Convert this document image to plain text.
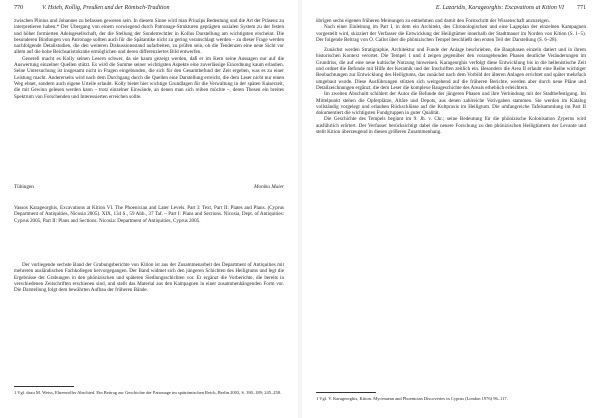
770	V. Hsieh, Kollig, Preußen und der Römisch-Tradition

zwischen Plinius und Johannes zu befassen gewesen sein. In diesem Sinne wird man Prinzips Bedeutung und die Art der Präsenz zu interpretieren haben.* Der Übergang von einem vorwiegend durch Patronage-Strukturen geprägten sozialen System zu der festen und höher formierten Adelsgesellschaft, der die Stellung der Sonderrechtler in Kollus Darstellung am wichtigsten erscheint. Die besonderen Bindungen von Patronage sollten auch für die Spätantike nicht zu gering veranschlagt werden – zu dieser Frage werden nachfolgende Detailstudien, die den weiteren Diskussionsstand aufarbeiten, zu prüfen sein, ob die Tendenzen eine neue Sicht vor allem auf die hohe Reichsaristokratie ermöglichen und deren differenziertes Bild entwerfen.

Generell macht es Kolly seinen Lesern schwer, da sie kaum gezeigt werden, daß er im Kern seine Aussagen nur auf die Auswertung einzelner Quellen stützt. Es wird die Summe seiner wichtigsten Aspekte eine zuverlässige Einordnung kaum erlauben. Seine Untersuchung ist insgesamt nicht in Fragen eingebunden, die sich für den Gesamtbefund der Zeit ergeben, was es zu einer Leistung macht. Andererseits wird nach dem Durchgang durch die Quellen eine Darstellung erreicht, die dem Leser nicht nur einen Weg ebnet, sondern auch eigene Urteile erlaubt. Kolly bietet hier wichtige Grundlagen für die Verwaltung in der späten Kaiserzeit, die mit Gewinn gelesen werden kann – trotz einzelner Einwände, an denen man sich reiben möchte –, deren Thesen ein breites Spektrum von Forschenden und Interessierten erreichen sollte.

Tübingen	Monika Maier

Vassos Karageorghis, Excavations at Kition VI. The Phoenician and Later Levels. Part I: Text, Part II: Plates and Plans. (Cyprus Department of Antiquities, Nicosia 2005). XIX, 134 S., 59 Abb., 37 Taf. – Part I: Plans and Sections. Nicosia, Dept. of Antiquities: Cyprus 2005, Part II: Plans and Sections. Nicosia: Department of Antiquities, Cyprus 2005.

Der vorliegende sechste Band der Grabungsberichte von Kition ist aus der Zusammenarbeit des Department of Antiquities mit mehreren ausländischen Fachkollegen hervorgegangen. Der Band widmet sich den jüngeren Schichten des Heiligtums und legt die Ergebnisse der Grabungen in den phönizischen und späteren Siedlungsschichten vor. Er ergänzt die Vorberichte, die bereits in verschiedenen Zeitschriften erschienen sind, und stellt das Material aus den Kampagnen in einer zusammenhängenden Form vor. Die Darstellung folgt dem bewährten Aufbau der früheren Bände.

1 Vgl. dazu M. Weiss, Ehrenvoller Abschied. Ein Beitrag zur Geschichte der Patronage im spätrömischen Reich, Berlin 2003, S. 180–189; 245–258.
E. Lazaridis, Karageorghis: Excavations at Kition VI 771

übrigen sechs eigenen früheren Meinungen zu entnehmen und damit den Forstschritt der Wissenschaft anzuzeigen.

Nach einer Einleitung im Part I, in dem ein Architekt, des Chronologischen und eine Lageplan der einzelnen Kampagnen vorgestellt wird, skizziert der Verfasser die Entwicklung der Heiligtümer innerhalb der Stadtmauer im Norden von Kition (S. 1–5). Der folgende Beitrag von O. Callot über die phönizischen Tempel beschließt den ersten Teil der Darstellung (S. 6–28).

Zunächst werden Stratigraphie, Architektur und Funde der Anlage beschrieben, die Bauphasen einzeln datiert und in ihrem historischen Kontext verortet. Die Tempel 1 und 4 zeigen gegenüber den vorangehenden Phasen deutliche Veränderungen im Grundriss, die auf eine neue kultische Nutzung hinweisen. Karageorghis verfolgt diese Entwicklung bis in die hellenistische Zeit und ordnet die Befunde mit Hilfe der Keramik und der Inschriften zeitlich ein. Besonders die Area II erlaubt eine Reihe wichtiger Beobachtungen zur Entwicklung des Heiligtums, das zunächst nach dem Vorbild der älteren Anlagen errichtet und später mehrfach umgebaut wurde. Diese Ausführungen stützen sich weitgehend auf die früheren Berichte, werden aber durch neue Pläne und Detailzeichnungen ergänzt, die dem Leser die komplexe Baugeschichte des Areals erheblich erleichtern.

Im zweiten Abschnitt schildert der Autor die Befunde der jüngeren Phasen und ihre Verbindung mit der Stadtbefestigung. Im Mittelpunkt stehen die Opferplätze, Altäre und Depots, aus denen zahlreiche Votivgaben stammen. Sie werden im Katalog vollständig vorgelegt und erlauben Rückschlüsse auf die Kultpraxis im Heiligtum. Die umfangreiche Tafelsammlung im Part II dokumentiert die wichtigsten Fundgruppen in guter Qualität.

Die Geschichte des Tempels beginnt im 9. Jh. v. Chr.; seine Bedeutung für die phönizische Kolonisation Zyperns wird ausführlich erörtert. Der Verfasser berücksichtigt dabei die neuere Forschung zu den phönizischen Heiligtümern der Levante und stellt Kition überzeugend in diesen größeren Zusammenhang.

1 Vgl. V. Karageorghis, Kition. Mycenaean and Phoenician Discoveries in Cyprus (London 1976) 96–117.
